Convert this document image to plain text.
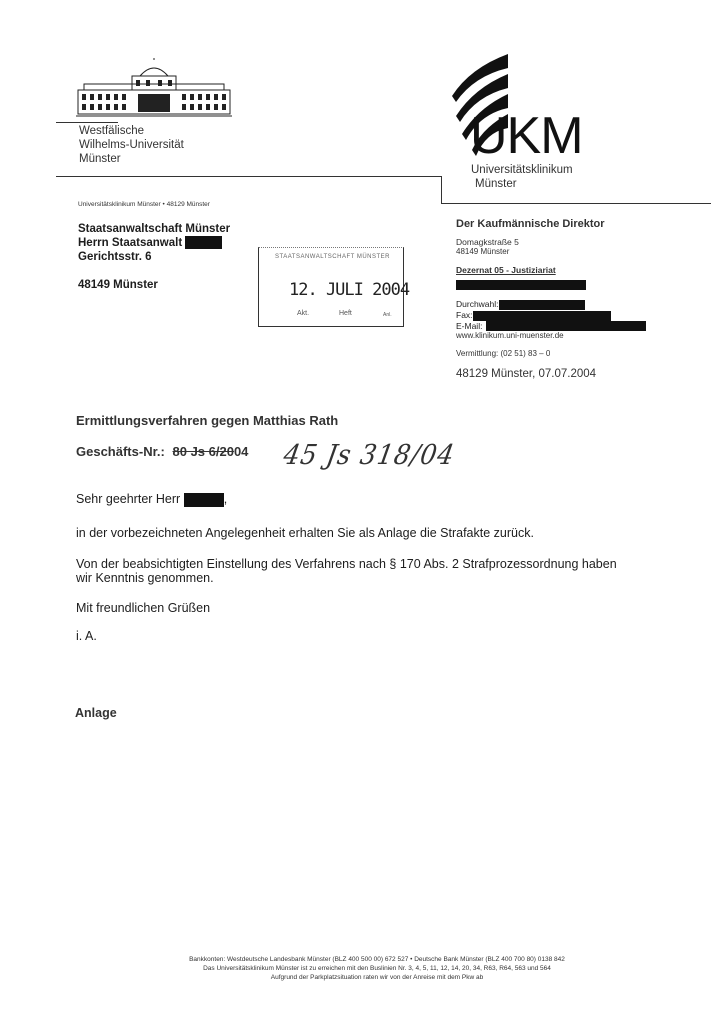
Westfälische
Wilhelms-Universität
Münster	UKM
Universitätsklinikum
Münster
Universitätsklinikum Münster • 48129 Münster
Staatsanwaltschaft Münster
Herrn Staatsanwalt
Gerichtsstr. 6
48149 Münster
STAATSANWALTSCHAFT MÜNSTER
12. JULI 2004
Akt.	Heft	Anl.
Der Kaufmännische Direktor
Domagkstraße 5
48149 Münster
Dezernat 05 - Justiziariat
Durchwahl:
Fax:
E-Mail:
www.klinikum.uni-muenster.de
Vermittlung: (02 51) 83 – 0
48129 Münster, 07.07.2004
Ermittlungsverfahren gegen Matthias Rath
Geschäfts-Nr.: 80 Js 6/2004 45 Js 318/04
Sehr geehrter Herr	,
in der vorbezeichneten Angelegenheit erhalten Sie als Anlage die Strafakte zurück.
Von der beabsichtigten Einstellung des Verfahrens nach § 170 Abs. 2 Strafprozessordnung haben
wir Kenntnis genommen.
Mit freundlichen Grüßen
i. A.
Anlage
Bankkonten: Westdeutsche Landesbank Münster (BLZ 400 500 00) 672 527 • Deutsche Bank Münster (BLZ 400 700 80) 0138 842
Das Universitätsklinikum Münster ist zu erreichen mit den Buslinien Nr. 3, 4, 5, 11, 12, 14, 20, 34, R63, R64, 563 und 564
Aufgrund der Parkplatzsituation raten wir von der Anreise mit dem Pkw ab
